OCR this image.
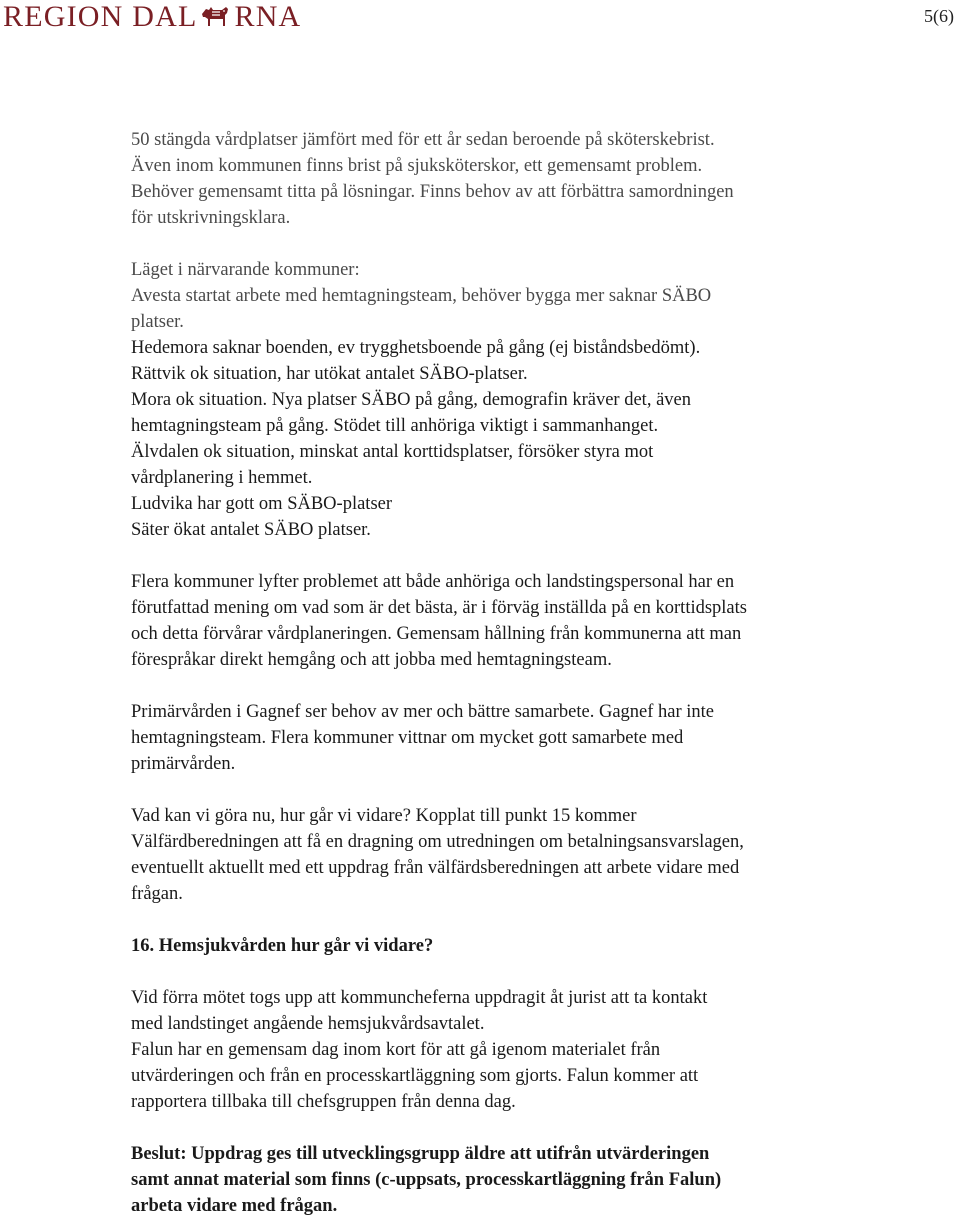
REGION DAL RNA	5(6)

50 stängda vårdplatser jämfört med för ett år sedan beroende på sköterskebrist.
Även inom kommunen finns brist på sjuksköterskor, ett gemensamt problem.
Behöver gemensamt titta på lösningar. Finns behov av att förbättra samordningen
för utskrivningsklara.

Läget i närvarande kommuner:
Avesta startat arbete med hemtagningsteam, behöver bygga mer saknar SÄBO
platser.

Hedemora saknar boenden, ev trygghetsboende på gång (ej biståndsbedömt).
Rättvik ok situation, har utökat antalet SÄBO-platser.
Mora ok situation. Nya platser SÄBO på gång, demografin kräver det, även
hemtagningsteam på gång. Stödet till anhöriga viktigt i sammanhanget.
Älvdalen ok situation, minskat antal korttidsplatser, försöker styra mot
vårdplanering i hemmet.
Ludvika har gott om SÄBO-platser
Säter ökat antalet SÄBO platser.

Flera kommuner lyfter problemet att både anhöriga och landstingspersonal har en
förutfattad mening om vad som är det bästa, är i förväg inställda på en korttidsplats
och detta förvårar vårdplaneringen. Gemensam hållning från kommunerna att man
förespråkar direkt hemgång och att jobba med hemtagningsteam.

Primärvården i Gagnef ser behov av mer och bättre samarbete. Gagnef har inte
hemtagningsteam. Flera kommuner vittnar om mycket gott samarbete med
primärvården.

Vad kan vi göra nu, hur går vi vidare? Kopplat till punkt 15 kommer
Välfärdberedningen att få en dragning om utredningen om betalningsansvarslagen,
eventuellt aktuellt med ett uppdrag från välfärdsberedningen att arbete vidare med
frågan.

16. Hemsjukvården hur går vi vidare?

Vid förra mötet togs upp att kommuncheferna uppdragit åt jurist att ta kontakt
med landstinget angående hemsjukvårdsavtalet.
Falun har en gemensam dag inom kort för att gå igenom materialet från
utvärderingen och från en processkartläggning som gjorts. Falun kommer att
rapportera tillbaka till chefsgruppen från denna dag.

Beslut: Uppdrag ges till utvecklingsgrupp äldre att utifrån utvärderingen
samt annat material som finns (c-uppsats, processkartläggning från Falun)
arbeta vidare med frågan.
